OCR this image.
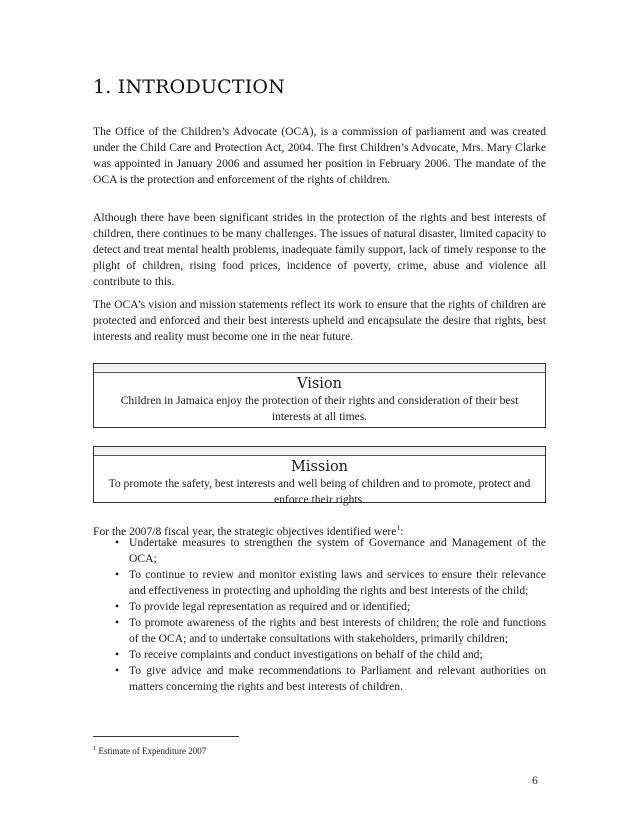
1. INTRODUCTION

The Office of the Children’s Advocate (OCA), is a commission of parliament and was created under the Child Care and Protection Act, 2004. The first Children’s Advocate, Mrs. Mary Clarke was appointed in January 2006 and assumed her position in February 2006. The mandate of the OCA is the protection and enforcement of the rights of children.

Although there have been significant strides in the protection of the rights and best interests of children, there continues to be many challenges. The issues of natural disaster, limited capacity to detect and treat mental health problems, inadequate family support, lack of timely response to the plight of children, rising food prices, incidence of poverty, crime, abuse and violence all contribute to this.

The OCA’s vision and mission statements reflect its work to ensure that the rights of children are protected and enforced and their best interests upheld and encapsulate the desire that rights, best interests and reality must become one in the near future.

Vision
Children in Jamaica enjoy the protection of their rights and consideration of their best interests at all times.
Mission
To promote the safety, best interests and well being of children and to promote, protect and enforce their rights.
For the 2007/8 fiscal year, the strategic objectives identified were$^1$:
• Undertake measures to strengthen the system of Governance and Management of the OCA;
• To continue to review and monitor existing laws and services to ensure their relevance and effectiveness in protecting and upholding the rights and best interests of the child;
• To provide legal representation as required and or identified;
• To promote awareness of the rights and best interests of children; the role and functions of the OCA; and to undertake consultations with stakeholders, primarily children;
• To receive complaints and conduct investigations on behalf of the child and;
• To give advice and make recommendations to Parliament and relevant authorities on matters concerning the rights and best interests of children.
$^1$ Estimate of Expenditure 2007
6
